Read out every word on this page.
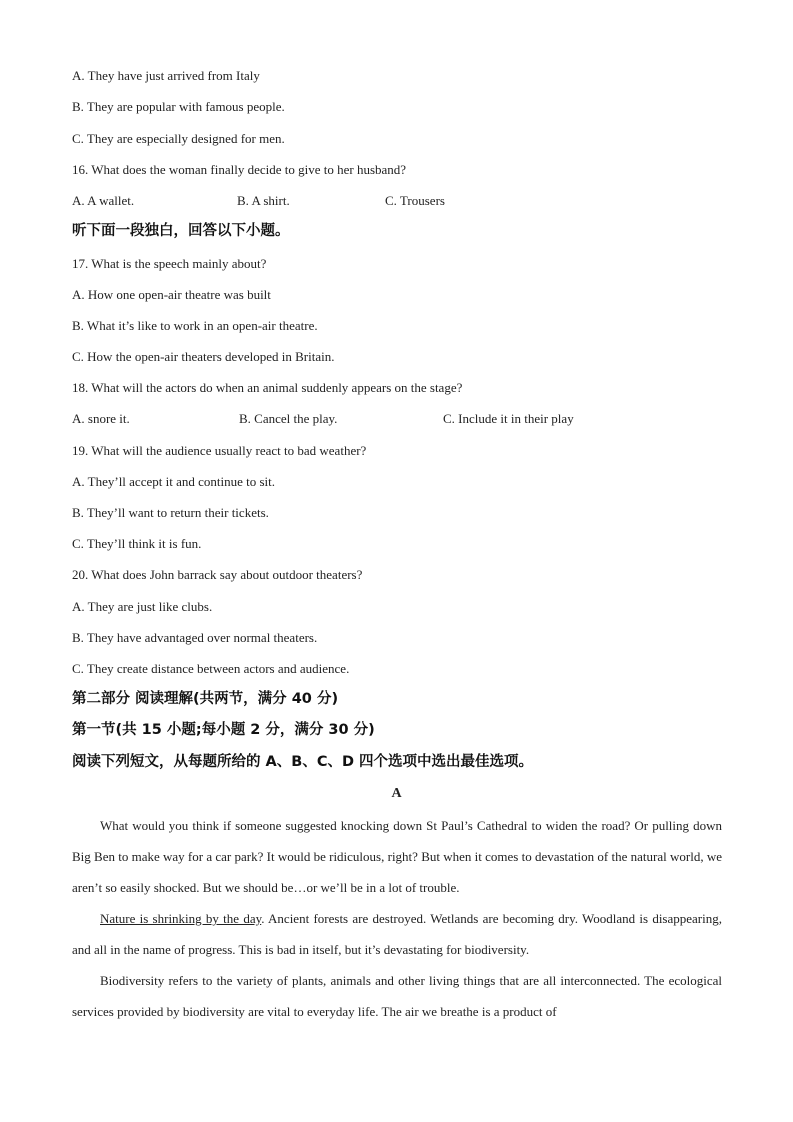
A. They have just arrived from Italy
B. They are popular with famous people.
C. They are especially designed for men.
16. What does the woman finally decide to give to her husband?
A. A wallet.	B. A shirt.	C. Trousers
听下面一段独白，回答以下小题。
17. What is the speech mainly about?
A. How one open-air theatre was built
B. What it’s like to work in an open-air theatre.
C. How the open-air theaters developed in Britain.
18. What will the actors do when an animal suddenly appears on the stage?
A. snore it.	B. Cancel the play.	C. Include it in their play
19. What will the audience usually react to bad weather?
A. They’ll accept it and continue to sit.
B. They’ll want to return their tickets.
C. They’ll think it is fun.
20. What does John barrack say about outdoor theaters?
A. They are just like clubs.
B. They have advantaged over normal theaters.
C. They create distance between actors and audience.
第二部分 阅读理解(共两节，满分 40 分)
第一节(共 15 小题;每小题 2 分，满分 30 分)
阅读下列短文，从每题所给的 A、B、C、D 四个选项中选出最佳选项。
A

What would you think if someone suggested knocking down St Paul’s Cathedral to widen the road? Or pulling down Big Ben to make way for a car park? It would be ridiculous, right? But when it comes to devastation of the natural world, we aren’t so easily shocked. But we should be…or we’ll be in a lot of trouble.

Nature is shrinking by the day. Ancient forests are destroyed. Wetlands are becoming dry. Woodland is disappearing, and all in the name of progress. This is bad in itself, but it’s devastating for biodiversity.

Biodiversity refers to the variety of plants, animals and other living things that are all interconnected. The ecological services provided by biodiversity are vital to everyday life. The air we breathe is a product of
